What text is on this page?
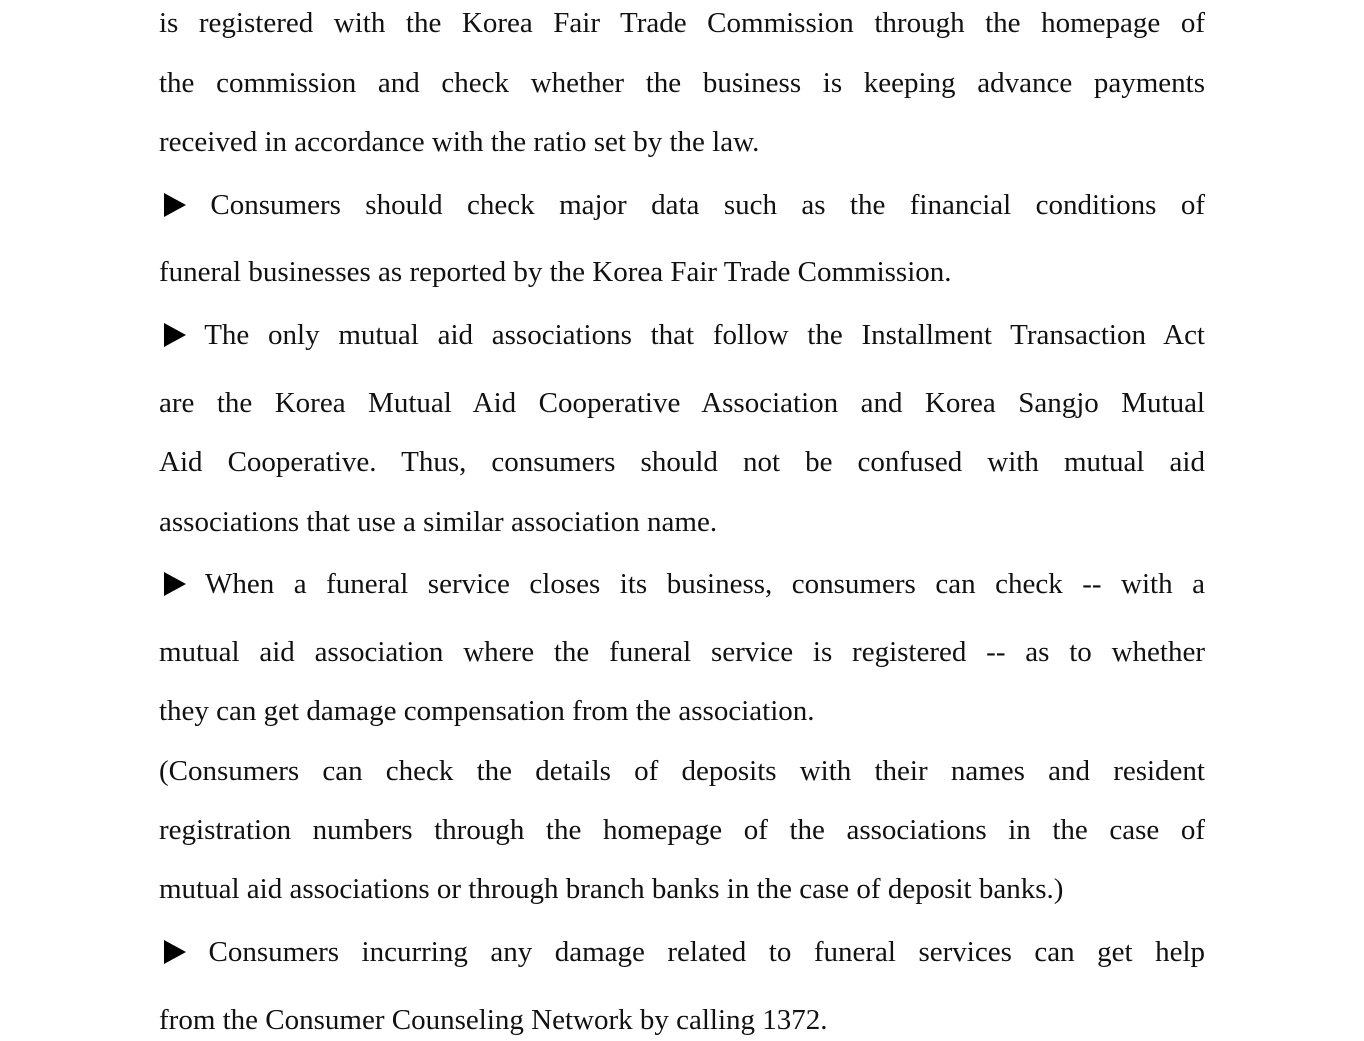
is registered with the Korea Fair Trade Commission through the homepage of
the commission and check whether the business is keeping advance payments
received in accordance with the ratio set by the law.
Consumers should check major data such as the financial conditions of
funeral businesses as reported by the Korea Fair Trade Commission.
The only mutual aid associations that follow the Installment Transaction Act
are the Korea Mutual Aid Cooperative Association and Korea Sangjo Mutual
Aid Cooperative. Thus, consumers should not be confused with mutual aid
associations that use a similar association name.
When a funeral service closes its business, consumers can check -- with a
mutual aid association where the funeral service is registered -- as to whether
they can get damage compensation from the association.
(Consumers can check the details of deposits with their names and resident
registration numbers through the homepage of the associations in the case of
mutual aid associations or through branch banks in the case of deposit banks.)
Consumers incurring any damage related to funeral services can get help
from the Consumer Counseling Network by calling 1372.
